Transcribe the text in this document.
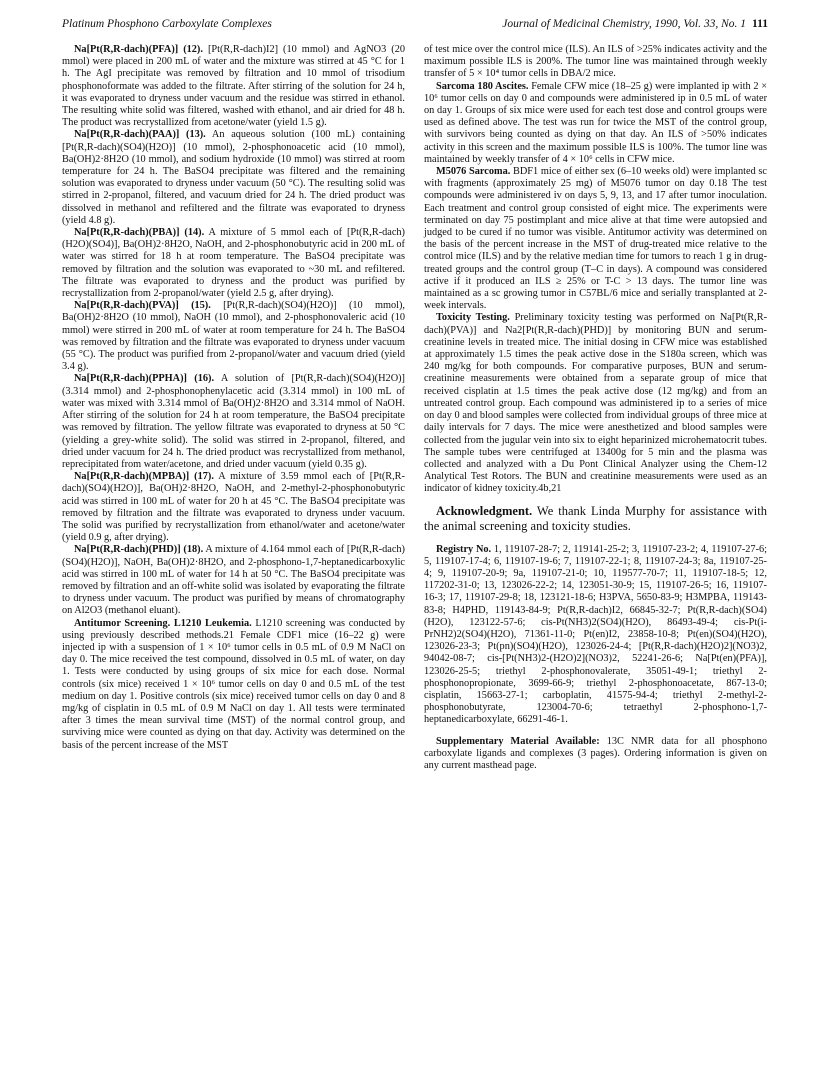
Platinum Phosphono Carboxylate Complexes	Journal of Medicinal Chemistry, 1990, Vol. 33, No. 1 111

Na[Pt(R,R-dach)(PFA)] (12). [Pt(R,R-dach)I2] (10 mmol) and AgNO3 (20 mmol) were placed in 200 mL of water and the mixture was stirred at 45 °C for 1 h. The AgI precipitate was removed by filtration and 10 mmol of trisodium phosphonoformate was added to the filtrate. After stirring of the solution for 24 h, it was evaporated to dryness under vacuum and the residue was stirred in ethanol. The resulting white solid was filtered, washed with ethanol, and air dried for 48 h. The product was recrystallized from acetone/water (yield 1.5 g).

Na[Pt(R,R-dach)(PAA)] (13). An aqueous solution (100 mL) containing [Pt(R,R-dach)(SO4)(H2O)] (10 mmol), 2-phosphonoacetic acid (10 mmol), Ba(OH)2·8H2O (10 mmol), and sodium hydroxide (10 mmol) was stirred at room temperature for 24 h. The BaSO4 precipitate was filtered and the remaining solution was evaporated to dryness under vacuum (50 °C). The resulting solid was stirred in 2-propanol, filtered, and vacuum dried for 24 h. The dried product was dissolved in methanol and refiltered and the filtrate was evaporated to dryness (yield 4.8 g).

Na[Pt(R,R-dach)(PBA)] (14). A mixture of 5 mmol each of [Pt(R,R-dach)(H2O)(SO4)], Ba(OH)2·8H2O, NaOH, and 2-phosphonobutyric acid in 200 mL of water was stirred for 18 h at room temperature. The BaSO4 precipitate was removed by filtration and the solution was evaporated to ~30 mL and refiltered. The filtrate was evaporated to dryness and the product was purified by recrystallization from 2-propanol/water (yield 2.5 g, after drying).

Na[Pt(R,R-dach)(PVA)] (15). [Pt(R,R-dach)(SO4)(H2O)] (10 mmol), Ba(OH)2·8H2O (10 mmol), NaOH (10 mmol), and 2-phosphonovaleric acid (10 mmol) were stirred in 200 mL of water at room temperature for 24 h. The BaSO4 was removed by filtration and the filtrate was evaporated to dryness under vacuum (55 °C). The product was purified from 2-propanol/water and vacuum dried (yield 3.4 g).

Na[Pt(R,R-dach)(PPHA)] (16). A solution of [Pt(R,R-dach)(SO4)(H2O)] (3.314 mmol) and 2-phosphonophenylacetic acid (3.314 mmol) in 100 mL of water was mixed with 3.314 mmol of Ba(OH)2·8H2O and 3.314 mmol of NaOH. After stirring of the solution for 24 h at room temperature, the BaSO4 precipitate was removed by filtration. The yellow filtrate was evaporated to dryness at 50 °C (yielding a grey-white solid). The solid was stirred in 2-propanol, filtered, and dried under vacuum for 24 h. The dried product was recrystallized from methanol, reprecipitated from water/acetone, and dried under vacuum (yield 0.35 g).

Na[Pt(R,R-dach)(MPBA)] (17). A mixture of 3.59 mmol each of [Pt(R,R-dach)(SO4)(H2O)], Ba(OH)2·8H2O, NaOH, and 2-methyl-2-phosphonobutyric acid was stirred in 100 mL of water for 20 h at 45 °C. The BaSO4 precipitate was removed by filtration and the filtrate was evaporated to dryness under vacuum. The solid was purified by recrystallization from ethanol/water and acetone/water (yield 0.9 g, after drying).

Na[Pt(R,R-dach)(PHD)] (18). A mixture of 4.164 mmol each of [Pt(R,R-dach)(SO4)(H2O)], NaOH, Ba(OH)2·8H2O, and 2-phosphono-1,7-heptanedicarboxylic acid was stirred in 100 mL of water for 14 h at 50 °C. The BaSO4 precipitate was removed by filtration and an off-white solid was isolated by evaporating the filtrate to dryness under vacuum. The product was purified by means of chromatography on Al2O3 (methanol eluant).

Antitumor Screening. L1210 Leukemia. L1210 screening was conducted by using previously described methods.21 Female CDF1 mice (16–22 g) were injected ip with a suspension of 1 × 10⁶ tumor cells in 0.5 mL of 0.9 M NaCl on day 0. The mice received the test compound, dissolved in 0.5 mL of water, on day 1. Tests were conducted by using groups of six mice for each dose. Normal controls (six mice) received 1 × 10⁶ tumor cells on day 0 and 0.5 mL of the test medium on day 1. Positive controls (six mice) received tumor cells on day 0 and 8 mg/kg of cisplatin in 0.5 mL of 0.9 M NaCl on day 1. All tests were terminated after 3 times the mean survival time (MST) of the normal control group, and surviving mice were counted as dying on that day. Activity was determined on the basis of the percent increase of the MST

of test mice over the control mice (ILS). An ILS of >25% indicates activity and the maximum possible ILS is 200%. The tumor line was maintained through weekly transfer of 5 × 10⁴ tumor cells in DBA/2 mice.

Sarcoma 180 Ascites. Female CFW mice (18–25 g) were implanted ip with 2 × 10⁶ tumor cells on day 0 and compounds were administered ip in 0.5 mL of water on day 1. Groups of six mice were used for each test dose and control groups were used as defined above. The test was run for twice the MST of the control group, with survivors being counted as dying on that day. An ILS of >50% indicates activity in this screen and the maximum possible ILS is 100%. The tumor line was maintained by weekly transfer of 4 × 10⁶ cells in CFW mice.

M5076 Sarcoma. BDF1 mice of either sex (6–10 weeks old) were implanted sc with fragments (approximately 25 mg) of M5076 tumor on day 0.18 The test compounds were administered iv on days 5, 9, 13, and 17 after tumor inoculation. Each treatment and control group consisted of eight mice. The experiments were terminated on day 75 postimplant and mice alive at that time were autopsied and judged to be cured if no tumor was visible. Antitumor activity was determined on the basis of the percent increase in the MST of drug-treated mice relative to the control mice (ILS) and by the relative median time for tumors to reach 1 g in drug-treated groups and the control group (T–C in days). A compound was considered active if it produced an ILS ≥ 25% or T-C > 13 days. The tumor line was maintained as a sc growing tumor in C57BL/6 mice and serially transplanted at 2-week intervals.

Toxicity Testing. Preliminary toxicity testing was performed on Na[Pt(R,R-dach)(PVA)] and Na2[Pt(R,R-dach)(PHD)] by monitoring BUN and serum-creatinine levels in treated mice. The initial dosing in CFW mice was established at approximately 1.5 times the peak active dose in the S180a screen, which was 240 mg/kg for both compounds. For comparative purposes, BUN and serum-creatinine measurements were obtained from a separate group of mice that received cisplatin at 1.5 times the peak active dose (12 mg/kg) and from an untreated control group. Each compound was administered ip to a series of mice on day 0 and blood samples were collected from individual groups of three mice at daily intervals for 7 days. The mice were anesthetized and blood samples were collected from the jugular vein into six to eight heparinized microhematocrit tubes. The sample tubes were centrifuged at 13400g for 5 min and the plasma was collected and analyzed with a Du Pont Clinical Analyzer using the Chem-12 Analytical Test Rotors. The BUN and creatinine measurements were used as an indicator of kidney toxicity.4b,21

Acknowledgment. We thank Linda Murphy for assistance with the animal screening and toxicity studies.

Registry No. 1, 119107-28-7; 2, 119141-25-2; 3, 119107-23-2; 4, 119107-27-6; 5, 119107-17-4; 6, 119107-19-6; 7, 119107-22-1; 8, 119107-24-3; 8a, 119107-25-4; 9, 119107-20-9; 9a, 119107-21-0; 10, 119577-70-7; 11, 119107-18-5; 12, 117202-31-0; 13, 123026-22-2; 14, 123051-30-9; 15, 119107-26-5; 16, 119107-16-3; 17, 119107-29-8; 18, 123121-18-6; H3PVA, 5650-83-9; H3MPBA, 119143-83-8; H4PHD, 119143-84-9; Pt(R,R-dach)I2, 66845-32-7; Pt(R,R-dach)(SO4)(H2O), 123122-57-6; cis-Pt(NH3)2(SO4)(H2O), 86493-49-4; cis-Pt(i-PrNH2)2(SO4)(H2O), 71361-11-0; Pt(en)I2, 23858-10-8; Pt(en)(SO4)(H2O), 123026-23-3; Pt(pn)(SO4)(H2O), 123026-24-4; [Pt(R,R-dach)(H2O)2](NO3)2, 94042-08-7; cis-[Pt(NH3)2-(H2O)2](NO3)2, 52241-26-6; Na[Pt(en)(PFA)], 123026-25-5; triethyl 2-phosphonovalerate, 35051-49-1; triethyl 2-phosphonopropionate, 3699-66-9; triethyl 2-phosphonoacetate, 867-13-0; cisplatin, 15663-27-1; carboplatin, 41575-94-4; triethyl 2-methyl-2-phosphonobutyrate, 123004-70-6; tetraethyl 2-phosphono-1,7-heptanedicarboxylate, 66291-46-1.

Supplementary Material Available: 13C NMR data for all phosphono carboxylate ligands and complexes (3 pages). Ordering information is given on any current masthead page.
